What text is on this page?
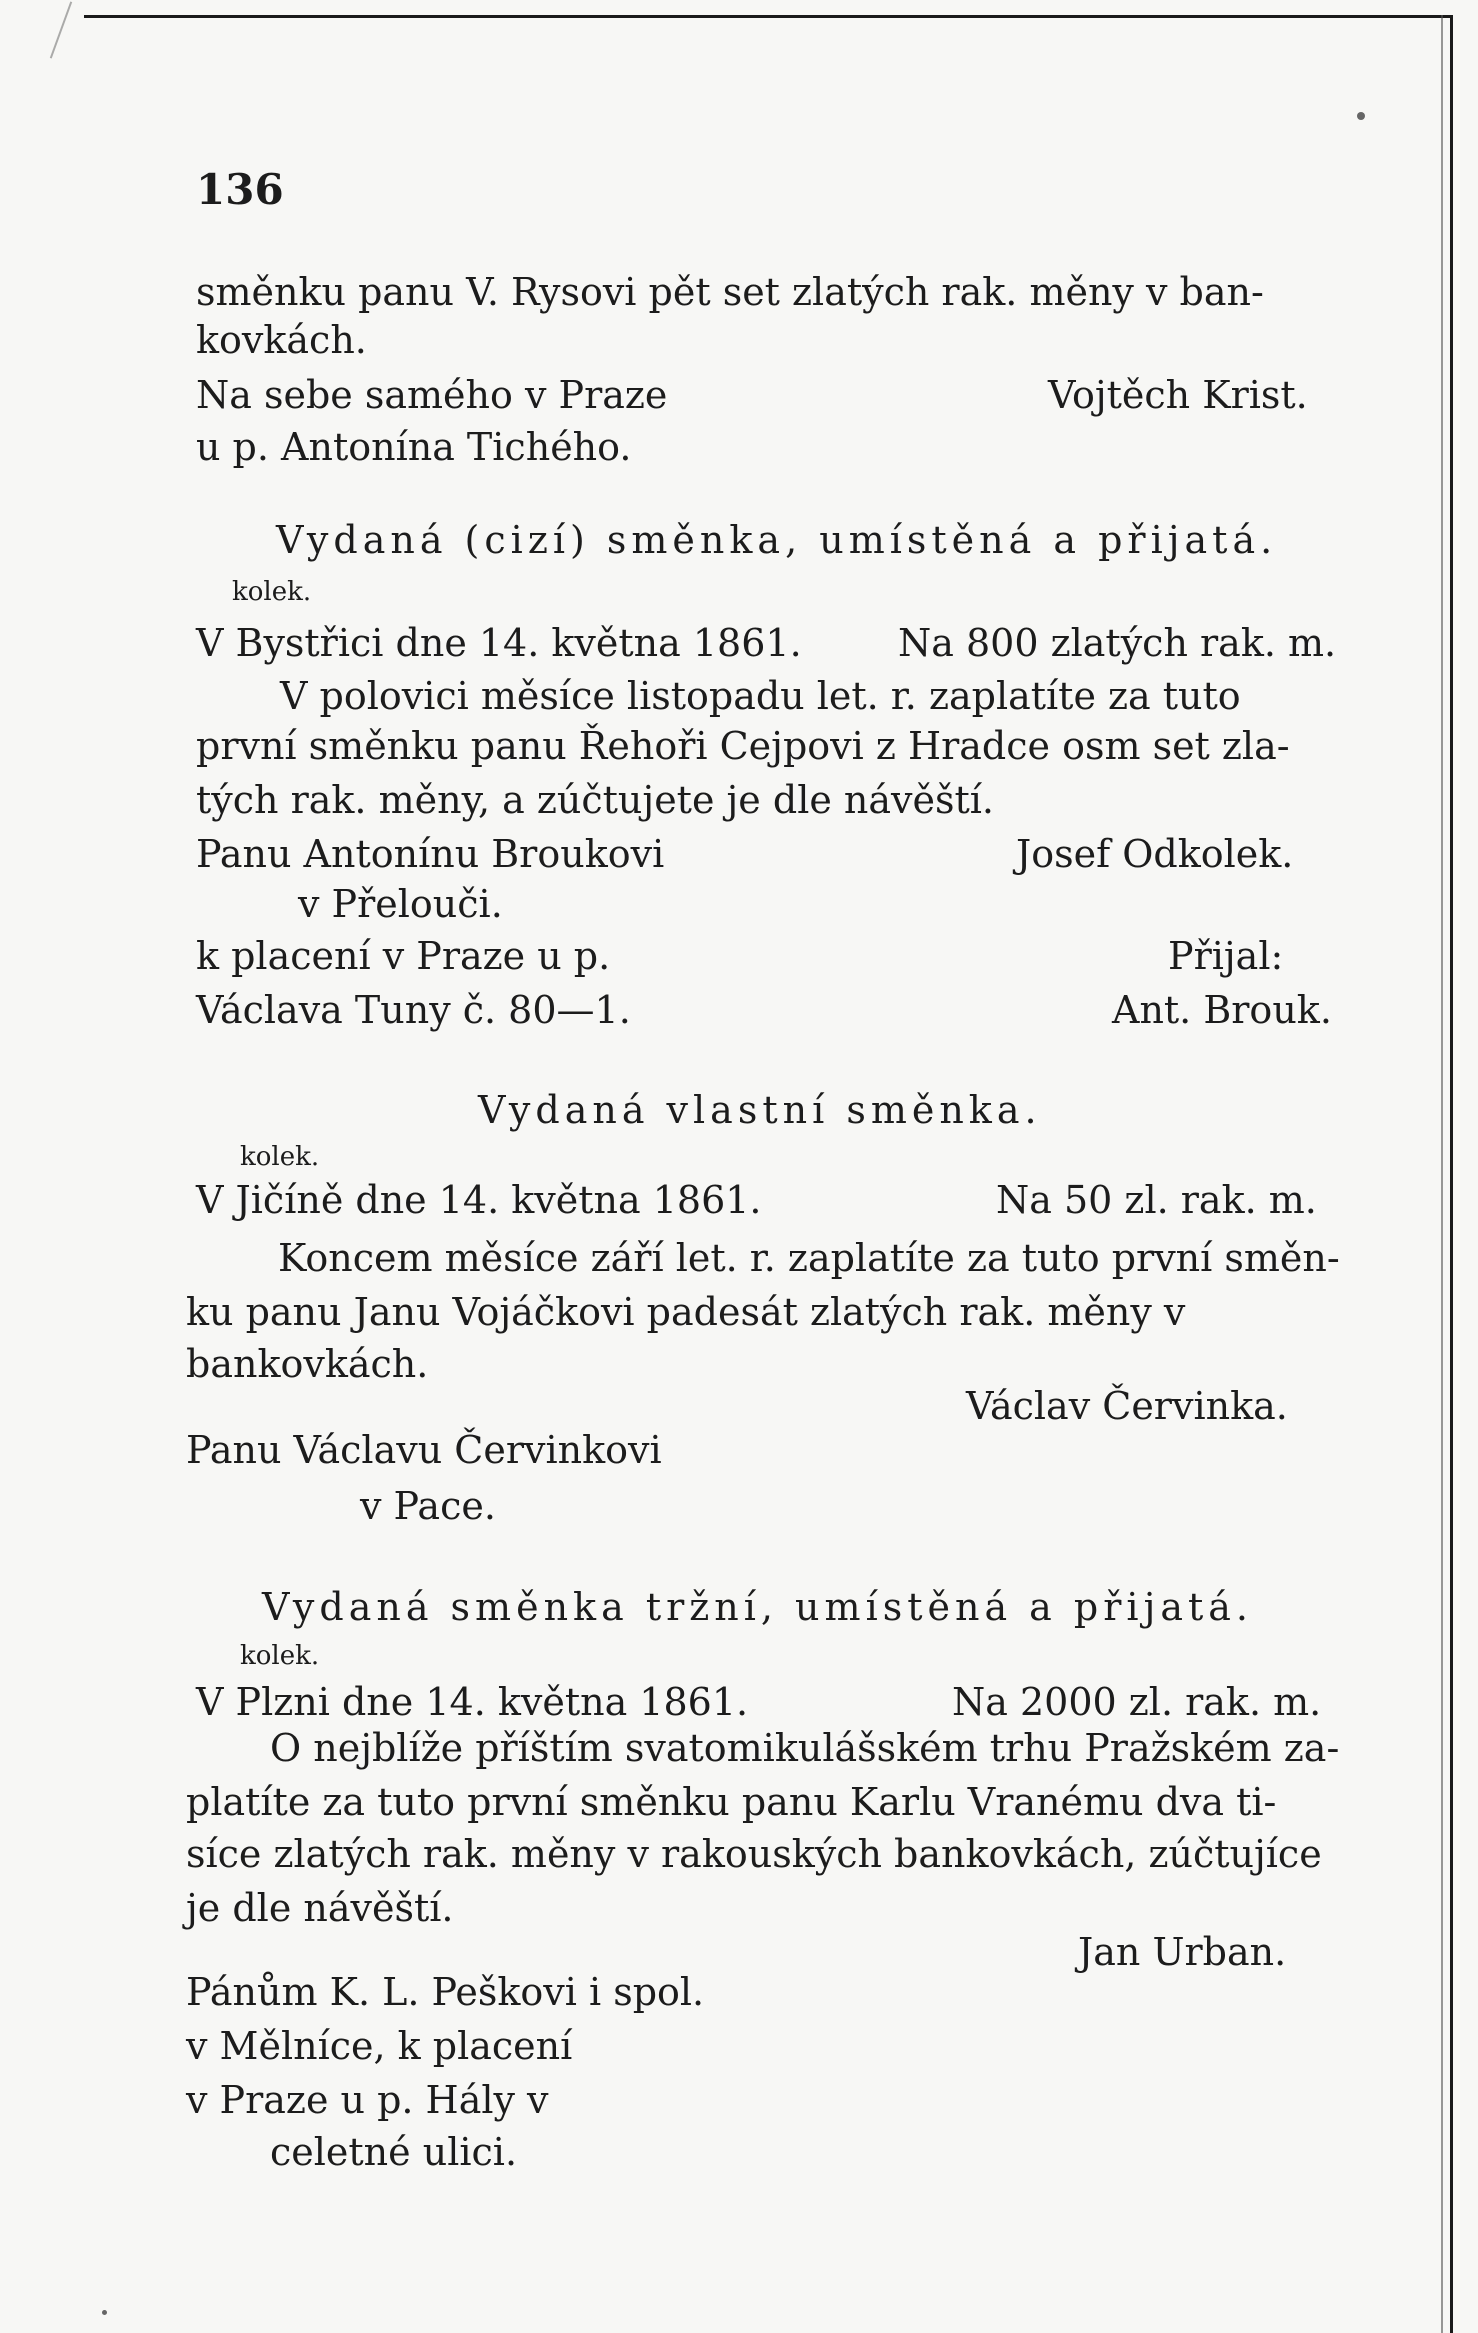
136
směnku panu V. Rysovi pět set zlatých rak. měny v ban-
kovkách.
Na sebe samého v Praze	Vojtěch Krist.
u p. Antonína Tichého.
Vydaná (cizí) směnka, umístěná a přijatá.
kolek.
V Bystřici dne 14. května 1861.	Na 800 zlatých rak. m.
V polovici měsíce listopadu let. r. zaplatíte za tuto
první směnku panu Řehoři Cejpovi z Hradce osm set zla-
tých rak. měny, a zúčtujete je dle návěští.
Panu Antonínu Broukovi	Josef Odkolek.
v Přelouči.
k placení v Praze u p.	Přijal:
Václava Tuny č. 80—1.	Ant. Brouk.
Vydaná vlastní směnka.
kolek.
V Jičíně dne 14. května 1861.	Na 50 zl. rak. m.
Koncem měsíce září let. r. zaplatíte za tuto první směn-
ku panu Janu Vojáčkovi padesát zlatých rak. měny v
bankovkách.
Václav Červinka.
Panu Václavu Červinkovi
v Pace.
Vydaná směnka tržní, umístěná a přijatá.
kolek.
V Plzni dne 14. května 1861.	Na 2000 zl. rak. m.
O nejblíže příštím svatomikulášském trhu Pražském za-
platíte za tuto první směnku panu Karlu Vranému dva ti-
síce zlatých rak. měny v rakouských bankovkách, zúčtujíce
je dle návěští.
Jan Urban.
Pánům K. L. Peškovi i spol.
v Mělníce, k placení
v Praze u p. Hály v
celetné ulici.
